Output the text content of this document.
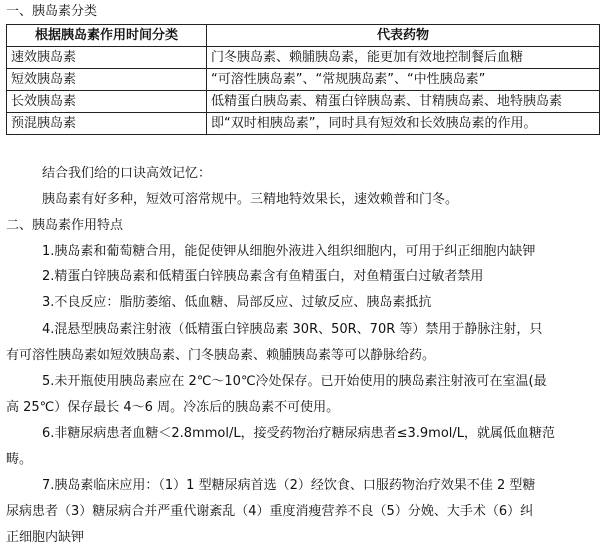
一、胰岛素分类
根据胰岛素作用时间分类	代表药物
速效胰岛素	门冬胰岛素、赖脯胰岛素，能更加有效地控制餐后血糖
短效胰岛素	“可溶性胰岛素”、“常规胰岛素”、“中性胰岛素”
长效胰岛素	低精蛋白胰岛素、精蛋白锌胰岛素、甘精胰岛素、地特胰岛素
预混胰岛素	即“双时相胰岛素”，同时具有短效和长效胰岛素的作用。
结合我们给的口诀高效记忆：
胰岛素有好多种，短效可溶常规中。三精地特效果长，速效赖普和门冬。
二、胰岛素作用特点
1.胰岛素和葡萄糖合用，能促使钾从细胞外液进入组织细胞内，可用于纠正细胞内缺钾
2.精蛋白锌胰岛素和低精蛋白锌胰岛素含有鱼精蛋白，对鱼精蛋白过敏者禁用
3.不良反应：脂肪萎缩、低血糖、局部反应、过敏反应、胰岛素抵抗
4.混悬型胰岛素注射液（低精蛋白锌胰岛素 30R、50R、70R 等）禁用于静脉注射，只
有可溶性胰岛素如短效胰岛素、门冬胰岛素、赖脯胰岛素等可以静脉给药。
5.未开瓶使用胰岛素应在 2℃～10℃冷处保存。已开始使用的胰岛素注射液可在室温(最
高 25℃）保存最长 4～6 周。冷冻后的胰岛素不可使用。
6.非糖尿病患者血糖＜2.8mmol/L，接受药物治疗糖尿病患者≤3.9mol/L，就属低血糖范
畴。
7.胰岛素临床应用：（1）1 型糖尿病首选（2）经饮食、口服药物治疗效果不佳 2 型糖
尿病患者（3）糖尿病合并严重代谢紊乱（4）重度消瘦营养不良（5）分娩、大手术（6）纠
正细胞内缺钾
